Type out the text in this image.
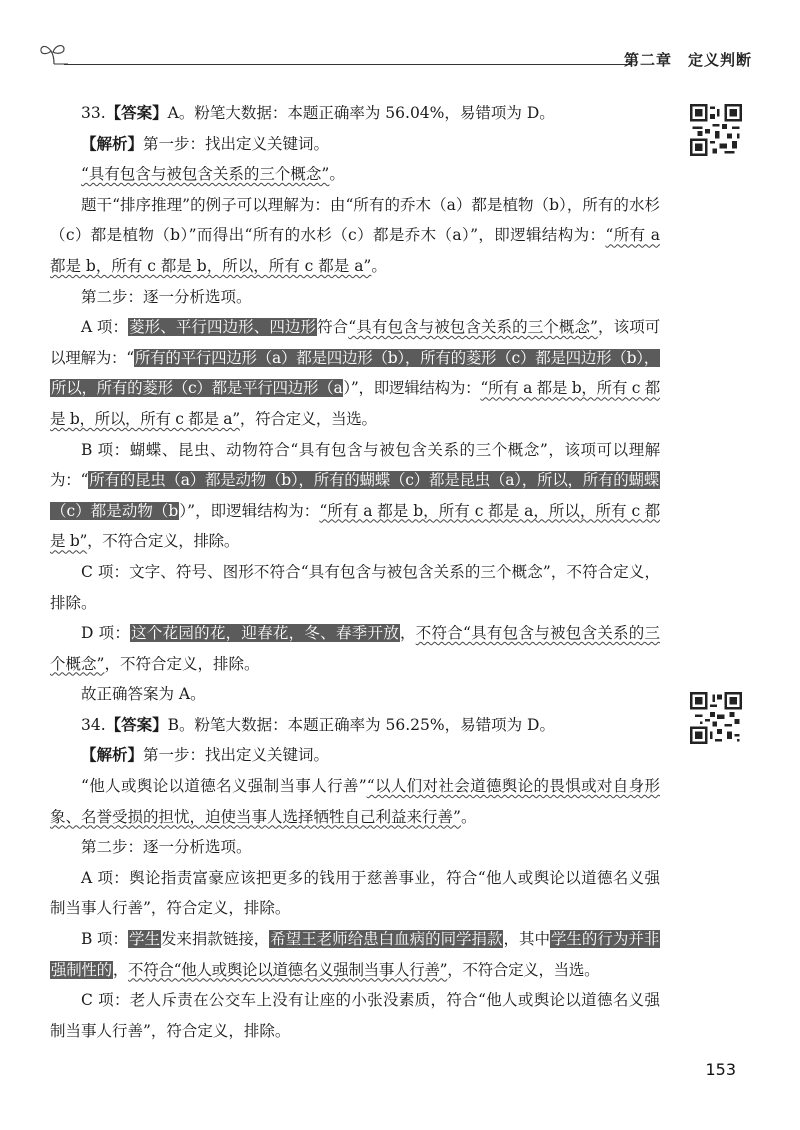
第二章　定义判断

33.【答案】A。粉笔大数据：本题正确率为 56.04%，易错项为 D。

【解析】第一步：找出定义关键词。

“具有包含与被包含关系的三个概念”。

题干“排序推理”的例子可以理解为：由“所有的乔木（a）都是植物（b），所有的水杉（c）都是植物（b）”而得出“所有的水杉（c）都是乔木（a）”，即逻辑结构为：“所有 a 都是 b，所有 c 都是 b，所以，所有 c 都是 a”。

第二步：逐一分析选项。

A 项：菱形、平行四边形、四边形符合“具有包含与被包含关系的三个概念”，该项可以理解为：“所有的平行四边形（a）都是四边形（b），所有的菱形（c）都是四边形（b），所以，所有的菱形（c）都是平行四边形（a）”，即逻辑结构为：“所有 a 都是 b，所有 c 都是 b，所以，所有 c 都是 a”，符合定义，当选。

B 项：蝴蝶、昆虫、动物符合“具有包含与被包含关系的三个概念”，该项可以理解为：“所有的昆虫（a）都是动物（b），所有的蝴蝶（c）都是昆虫（a），所以，所有的蝴蝶（c）都是动物（b）”，即逻辑结构为：“所有 a 都是 b，所有 c 都是 a，所以，所有 c 都是 b”，不符合定义，排除。

C 项：文字、符号、图形不符合“具有包含与被包含关系的三个概念”，不符合定义，排除。

D 项：这个花园的花，迎春花，冬、春季开放，不符合“具有包含与被包含关系的三个概念”，不符合定义，排除。

故正确答案为 A。

34.【答案】B。粉笔大数据：本题正确率为 56.25%，易错项为 D。

【解析】第一步：找出定义关键词。

“他人或舆论以道德名义强制当事人行善”“以人们对社会道德舆论的畏惧或对自身形象、名誉受损的担忧，迫使当事人选择牺牲自己利益来行善”。

第二步：逐一分析选项。

A 项：舆论指责富豪应该把更多的钱用于慈善事业，符合“他人或舆论以道德名义强制当事人行善”，符合定义，排除。

B 项：学生发来捐款链接，希望王老师给患白血病的同学捐款，其中学生的行为并非强制性的，不符合“他人或舆论以道德名义强制当事人行善”，不符合定义，当选。

C 项：老人斥责在公交车上没有让座的小张没素质，符合“他人或舆论以道德名义强制当事人行善”，符合定义，排除。

153
